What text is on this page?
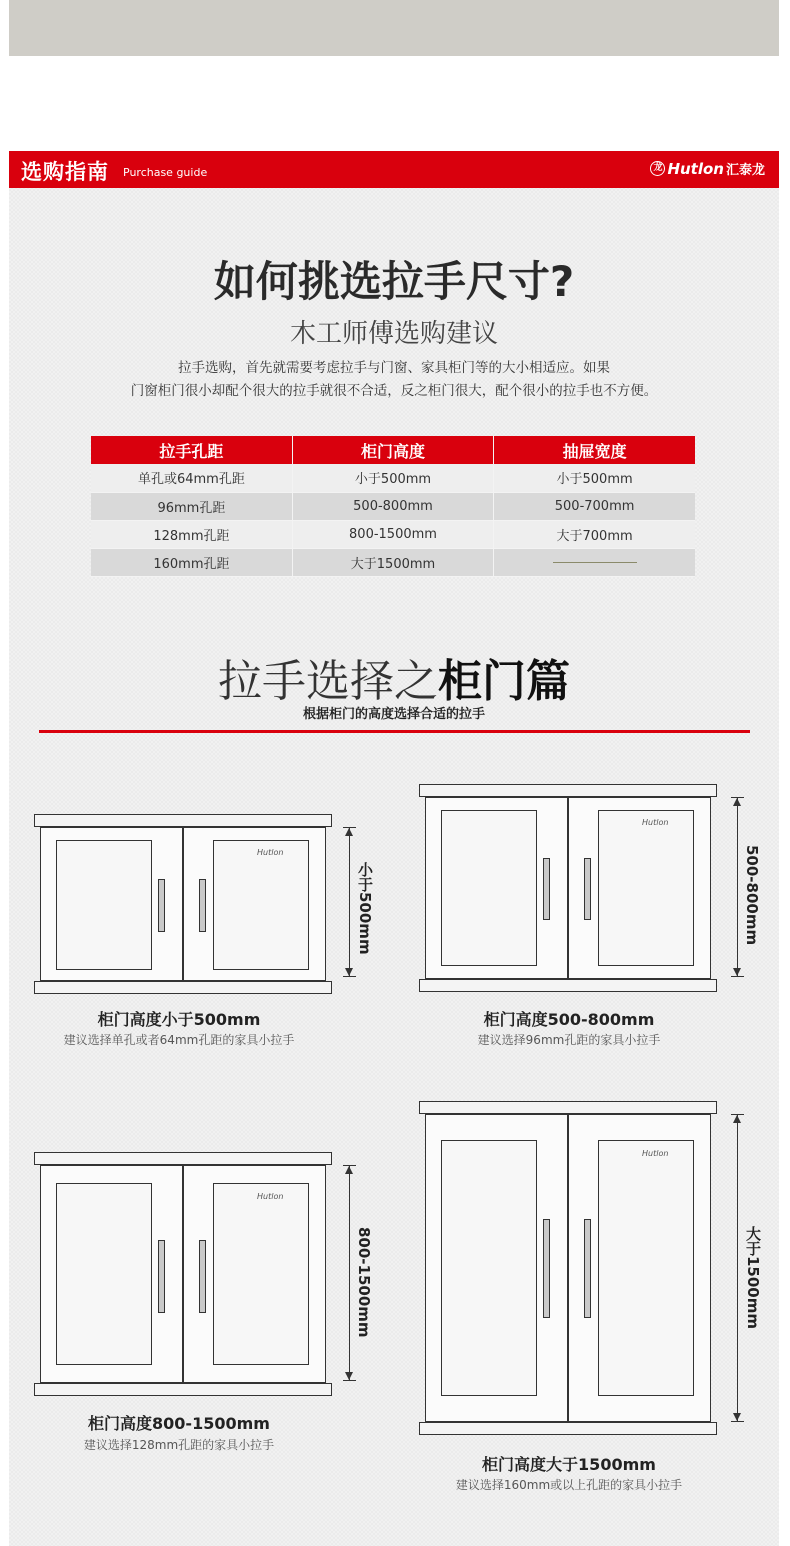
选购指南 Purchase guide	龙 Hutlon 汇泰龙
如何挑选拉手尺寸?
木工师傅选购建议
拉手选购，首先就需要考虑拉手与门窗、家具柜门等的大小相适应。如果
门窗柜门很小却配个很大的拉手就很不合适，反之柜门很大，配个很小的拉手也不方便。
拉手孔距	柜门高度	抽屉宽度
单孔或64mm孔距	小于500mm	小于500mm
96mm孔距	500-800mm	500-700mm
128mm孔距	800-1500mm	大于700mm
160mm孔距	大于1500mm	
拉手选择之柜门篇
根据柜门的高度选择合适的拉手
Hutlon
小于500mm
柜门高度小于500mm
建议选择单孔或者64mm孔距的家具小拉手
Hutlon
500-800mm
柜门高度500-800mm
建议选择96mm孔距的家具小拉手
Hutlon
800-1500mm
柜门高度800-1500mm
建议选择128mm孔距的家具小拉手
Hutlon
大于1500mm
柜门高度大于1500mm
建议选择160mm或以上孔距的家具小拉手
